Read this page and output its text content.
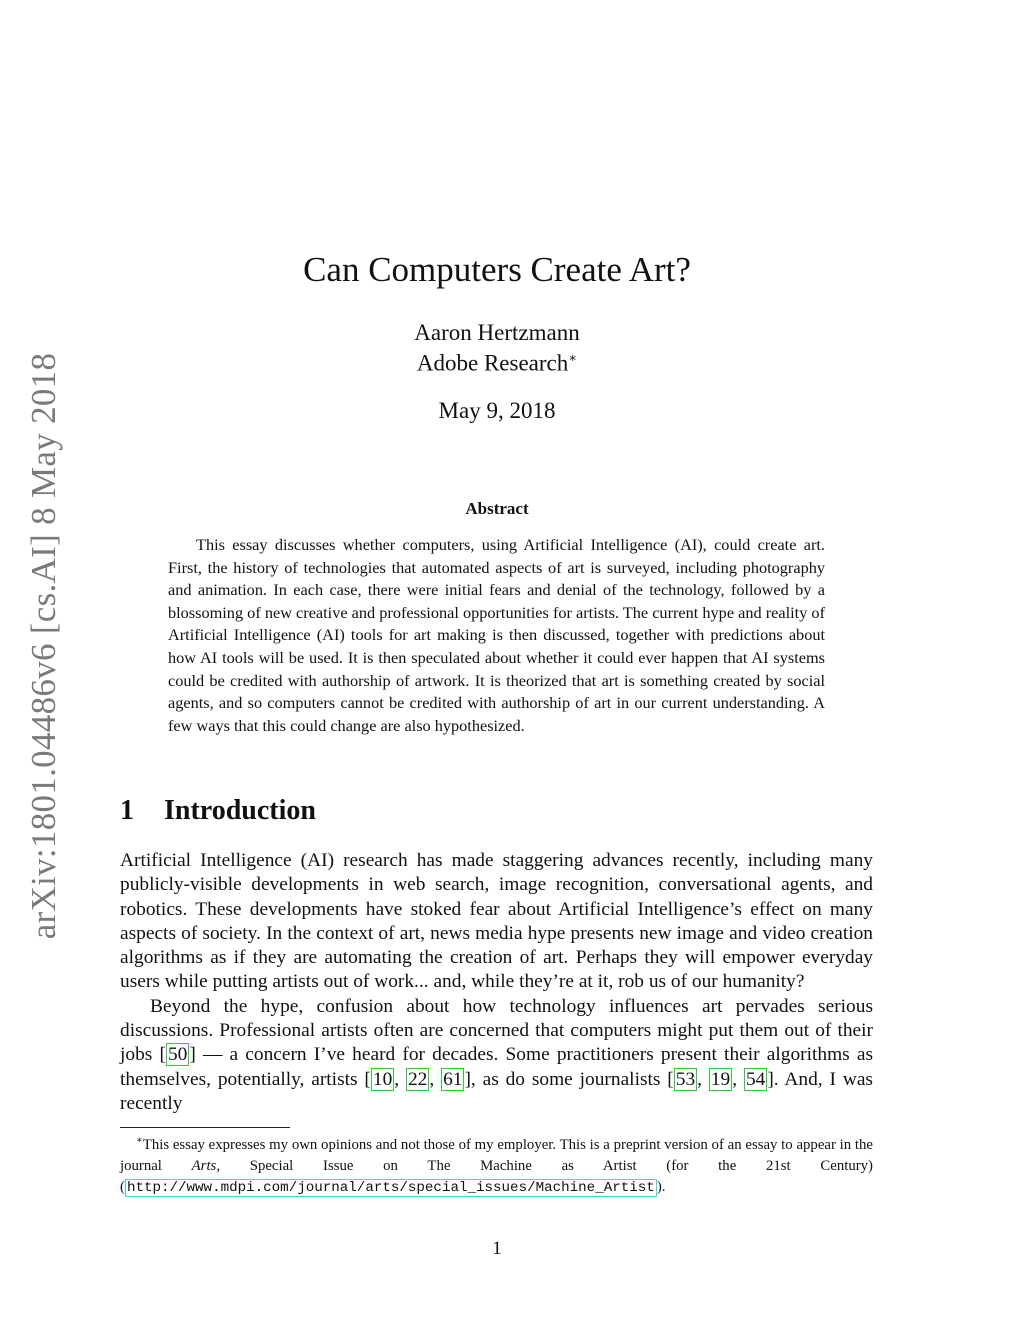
arXiv:1801.04486v6 [cs.AI] 8 May 2018
Can Computers Create Art?
Aaron Hertzmann
Adobe Research∗
May 9, 2018
Abstract
This essay discusses whether computers, using Artificial Intelligence (AI), could create art. First, the history of technologies that automated aspects of art is surveyed, including photography and animation. In each case, there were initial fears and denial of the technology, followed by a blossoming of new creative and professional opportunities for artists. The current hype and reality of Artificial Intelligence (AI) tools for art making is then discussed, together with predictions about how AI tools will be used. It is then speculated about whether it could ever happen that AI systems could be credited with authorship of artwork. It is theorized that art is something created by social agents, and so computers cannot be credited with authorship of art in our current understanding. A few ways that this could change are also hypothesized.
1 Introduction

Artificial Intelligence (AI) research has made staggering advances recently, including many publicly-visible developments in web search, image recognition, conversational agents, and robotics. These developments have stoked fear about Artificial Intelligence’s effect on many aspects of society. In the context of art, news media hype presents new image and video creation algorithms as if they are automating the creation of art. Perhaps they will empower everyday users while putting artists out of work... and, while they’re at it, rob us of our humanity?

Beyond the hype, confusion about how technology influences art pervades serious discussions. Professional artists often are concerned that computers might put them out of their jobs [ 50 ] — a concern I’ve heard for decades. Some practitioners present their algorithms as themselves, potentially, artists [ 10 , 22 , 61 ], as do some journalists [ 53 , 19 , 54 ]. And, I was recently

∗This essay expresses my own opinions and not those of my employer. This is a preprint version of an essay to appear in the journal Arts, Special Issue on The Machine as Artist (for the 21st Century) ( http://www.mdpi.com/journal/arts/special_issues/Machine_Artist ).
1
